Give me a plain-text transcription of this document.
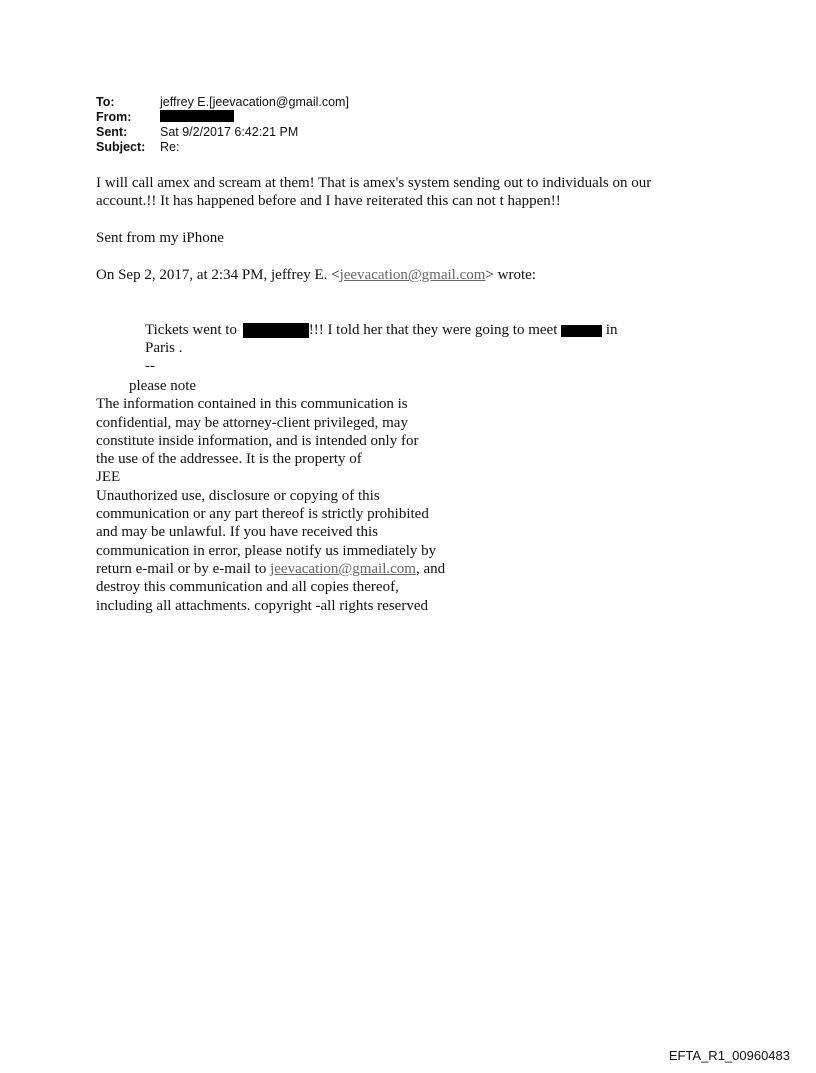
To:	jeffrey E.[jeevacation@gmail.com]
From:
Sent:	Sat 9/2/2017 6:42:21 PM
Subject:	Re:
I will call amex and scream at them! That is amex's system sending out to individuals on our
account.!! It has happened before and I have reiterated this can not t happen!!
Sent from my iPhone
On Sep 2, 2017, at 2:34 PM, jeffrey E. <jeevacation@gmail.com> wrote:
Tickets went to	!!! I told her that they were going to meet	in
Paris .
--
please note
The information contained in this communication is
confidential, may be attorney-client privileged, may
constitute inside information, and is intended only for
the use of the addressee. It is the property of
JEE
Unauthorized use, disclosure or copying of this
communication or any part thereof is strictly prohibited
and may be unlawful. If you have received this
communication in error, please notify us immediately by
return e-mail or by e-mail to jeevacation@gmail.com, and
destroy this communication and all copies thereof,
including all attachments. copyright -all rights reserved
EFTA_R1_00960483
